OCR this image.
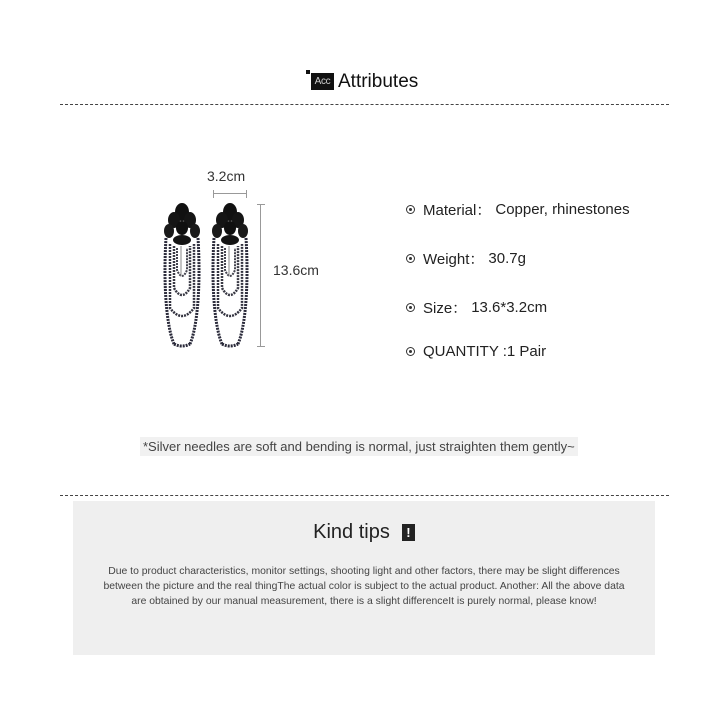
Acc Attributes
3.2cm
13.6cm
Material： Copper, rhinestones
Weight： 30.7g
Size： 13.6*3.2cm
QUANTITY : 1 Pair
*Silver needles are soft and bending is normal, just straighten them gently~
Kind tips	!
Due to product characteristics, monitor settings, shooting light and other factors, there may be slight differences between the picture and the real thingThe actual color is subject to the actual product. Another: All the above data are obtained by our manual measurement, there is a slight differenceIt is purely normal, please know!
